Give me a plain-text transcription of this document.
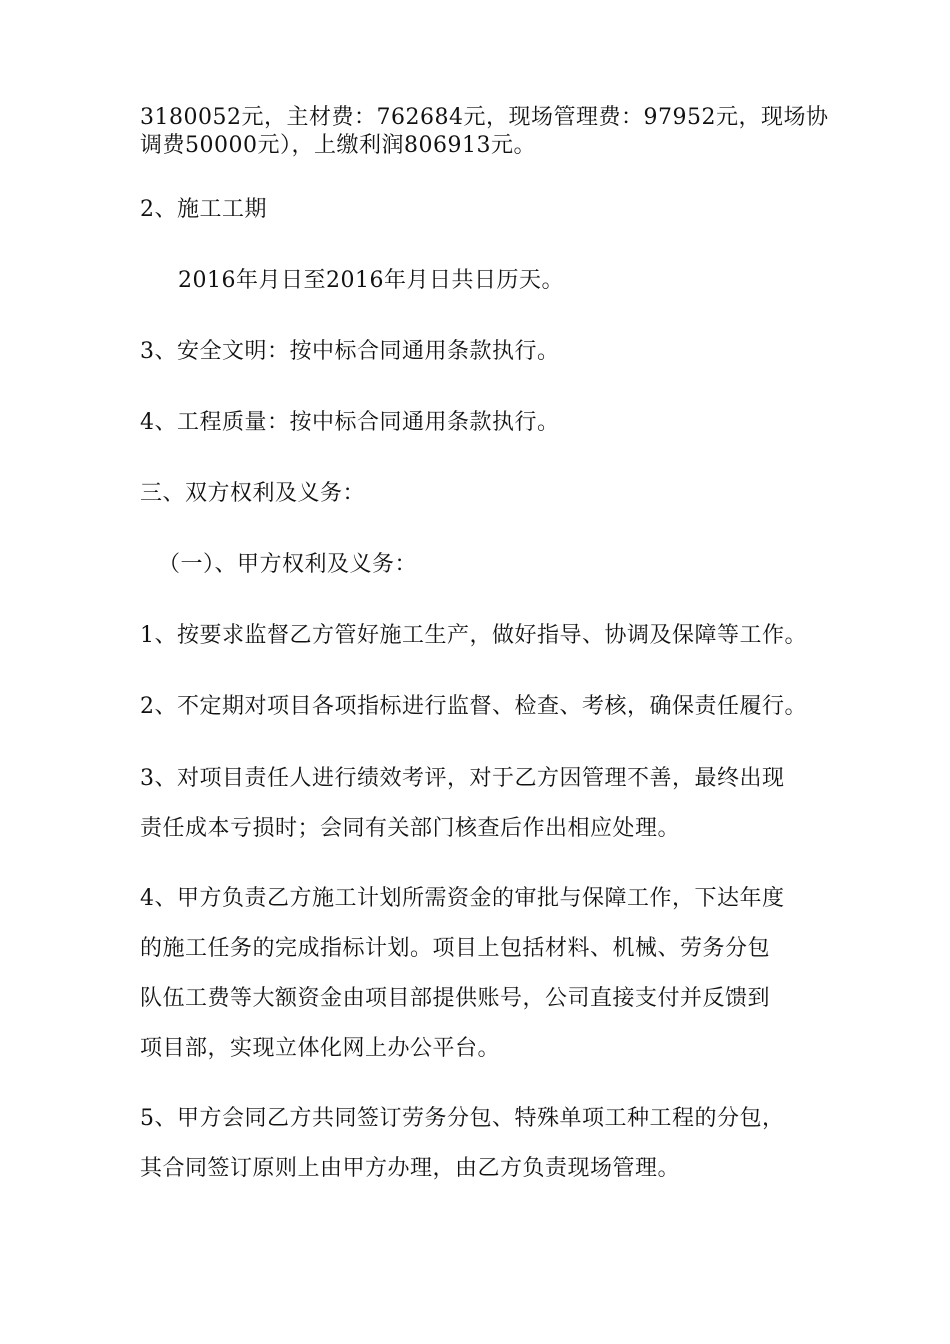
3180052元，主材费：762684元，现场管理费：97952元，现场协
调费50000元），上缴利润806913元。
2、施工工期
2016年月日至2016年月日共日历天。
3、安全文明：按中标合同通用条款执行。
4、工程质量：按中标合同通用条款执行。
三、双方权利及义务：
（一）、甲方权利及义务：
1、按要求监督乙方管好施工生产，做好指导、协调及保障等工作。
2、不定期对项目各项指标进行监督、检查、考核，确保责任履行。
3、对项目责任人进行绩效考评，对于乙方因管理不善，最终出现
责任成本亏损时；会同有关部门核查后作出相应处理。
4、甲方负责乙方施工计划所需资金的审批与保障工作，下达年度
的施工任务的完成指标计划。项目上包括材料、机械、劳务分包
队伍工费等大额资金由项目部提供账号，公司直接支付并反馈到
项目部，实现立体化网上办公平台。
5、甲方会同乙方共同签订劳务分包、特殊单项工种工程的分包，
其合同签订原则上由甲方办理，由乙方负责现场管理。
